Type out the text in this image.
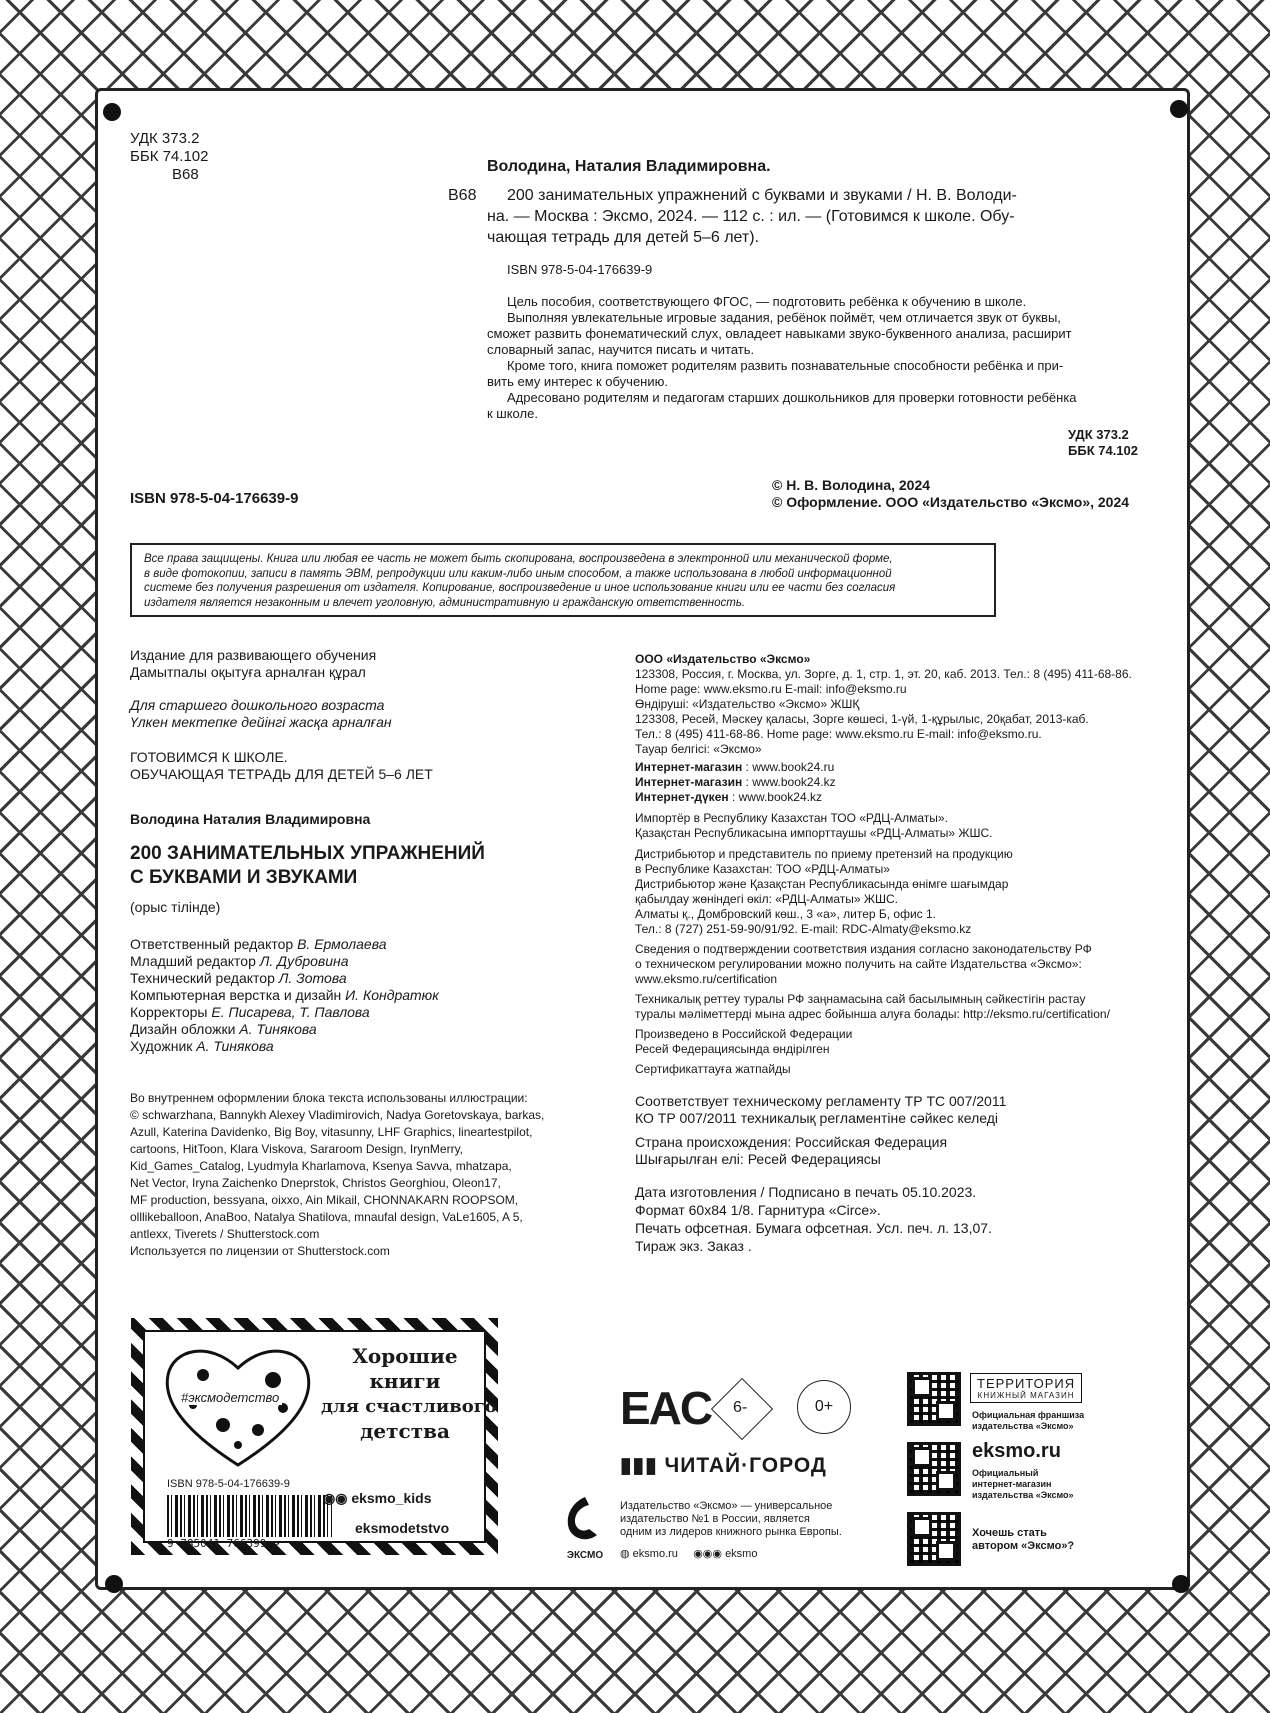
УДК 373.2
ББК 74.102
В68	Володина, Наталия Владимировна.
В68 200 занимательных упражнений с буквами и звуками / Н. В. Володи-
на. — Москва : Эксмо, 2024. — 112 с. : ил. — (Готовимся к школе. Обу-
чающая тетрадь для детей 5–6 лет).
ISBN 978-5-04-176639-9
Цель пособия, соответствующего ФГОС, — подготовить ребёнка к обучению в школе.
Выполняя увлекательные игровые задания, ребёнок поймёт, чем отличается звук от буквы,
сможет развить фонематический слух, овладеет навыками звуко-буквенного анализа, расширит
словарный запас, научится писать и читать.
Кроме того, книга поможет родителям развить познавательные способности ребёнка и при-
вить ему интерес к обучению.
Адресовано родителям и педагогам старших дошкольников для проверки готовности ребёнка
к школе.
УДК 373.2
ББК 74.102
ISBN 978-5-04-176639-9
© Н. В. Володина, 2024
© Оформление. ООО «Издательство «Эксмо», 2024
Все права защищены. Книга или любая ее часть не может быть скопирована, воспроизведена в электронной или механической форме,
в виде фотокопии, записи в память ЭВМ, репродукции или каким-либо иным способом, а также использована в любой информационной
системе без получения разрешения от издателя. Копирование, воспроизведение и иное использование книги или ее части без согласия
издателя является незаконным и влечет уголовную, административную и гражданскую ответственность.
Издание для развивающего обучения
Дамытпалы оқытуға арналған құрал
Для старшего дошкольного возраста
Үлкен мектепке дейінгі жасқа арналған
ГОТОВИМСЯ К ШКОЛЕ.
ОБУЧАЮЩАЯ ТЕТРАДЬ ДЛЯ ДЕТЕЙ 5–6 ЛЕТ
Володина Наталия Владимировна
200 ЗАНИМАТЕЛЬНЫХ УПРАЖНЕНИЙ
С БУКВАМИ И ЗВУКАМИ
(орыс тілінде)
Ответственный редактор В. Ермолаева
Младший редактор Л. Дубровина
Технический редактор Л. Зотова
Компьютерная верстка и дизайн И. Кондратюк
Корректоры Е. Писарева, Т. Павлова
Дизайн обложки А. Тинякова
Художник А. Тинякова
Во внутреннем оформлении блока текста использованы иллюстрации:
© schwarzhana, Bannykh Alexey Vladimirovich, Nadya Goretovskaya, barkas,
Azull, Katerina Davidenko, Big Boy, vitasunny, LHF Graphics, lineartestpilot,
cartoons, HitToon, Klara Viskova, Sararoom Design, IrynMerry,
Kid_Games_Catalog, Lyudmyla Kharlamova, Ksenya Savva, mhatzapa,
Net Vector, Iryna Zaichenko Dneprstok, Christos Georghiou, Oleon17,
MF production, bessyana, oixxo, Ain Mikail, CHONNAKARN ROOPSOM,
olllikeballoon, AnaBoo, Natalya Shatilova, mnaufal design, VaLe1605, A 5,
antlexx, Tiverets / Shutterstock.com
Используется по лицензии от Shutterstock.com
ООО «Издательство «Эксмо»
123308, Россия, г. Москва, ул. Зорге, д. 1, стр. 1, эт. 20, каб. 2013. Тел.: 8 (495) 411-68-86.
Home page: www.eksmo.ru E-mail: info@eksmo.ru
Өндіруші: «Издательство «Эксмо» ЖШҚ
123308, Ресей, Мәскеу қаласы, Зорге көшесі, 1-үй, 1-құрылыс, 20қабат, 2013-каб.
Тел.: 8 (495) 411-68-86. Home page: www.eksmo.ru E-mail: info@eksmo.ru.
Тауар белгісі: «Эксмо»
Интернет-магазин : www.book24.ru
Интернет-магазин : www.book24.kz
Интернет-дүкен : www.book24.kz
Импортёр в Республику Казахстан ТОО «РДЦ-Алматы».
Қазақстан Республикасына импорттаушы «РДЦ-Алматы» ЖШС.
Дистрибьютор и представитель по приему претензий на продукцию
в Республике Казахстан: ТОО «РДЦ-Алматы»
Дистрибьютор және Қазақстан Республикасында өнімге шағымдар
қабылдау жөніндегі өкіл: «РДЦ-Алматы» ЖШС.
Алматы қ., Домбровский көш., 3 «а», литер Б, офис 1.
Тел.: 8 (727) 251-59-90/91/92. E-mail: RDC-Almaty@eksmo.kz
Сведения о подтверждении соответствия издания согласно законодательству РФ
о техническом регулировании можно получить на сайте Издательства «Эксмо»:
www.eksmo.ru/certification
Техникалық реттеу туралы РФ заңнамасына сай басылымның сәйкестігін растау
туралы мәліметтерді мына адрес бойынша алуға болады: http://eksmo.ru/certification/
Произведено в Российской Федерации
Ресей Федерациясында өндірілген
Сертификаттауға жатпайды
Соответствует техническому регламенту ТР ТС 007/2011
КО ТР 007/2011 техникалық регламентіне сәйкес келеді
Страна происхождения: Российская Федерация
Шығарылған елі: Ресей Федерациясы
Дата изготовления / Подписано в печать 05.10.2023.
Формат 60x84 1/8. Гарнитура «Circe».
Печать офсетная. Бумага офсетная. Усл. печ. л. 13,07.
Тираж экз. Заказ .
#эксмодетство
Хорошие
книги
для счастливого
детства
ISBN 978-5-04-176639-9
9 785041 766399 >
◉◉ eksmo_kids
eksmodetstvo
EAC 6-	0+
▮▮▮ ЧИТАЙ·ГОРОД
ЭКСМО
Издательство «Эксмо» — универсальное
издательство №1 в России, является
одним из лидеров книжного рынка Европы.
◍ eksmo.ru ◉◉◉ eksmo
ТЕРРИТОРИЯ
КНИЖНЫЙ МАГАЗИН
Официальная франшиза
издательства «Эксмо»
eksmo.ru
Официальный
интернет-магазин
издательства «Эксмо»
Хочешь стать
автором «Эксмо»?
